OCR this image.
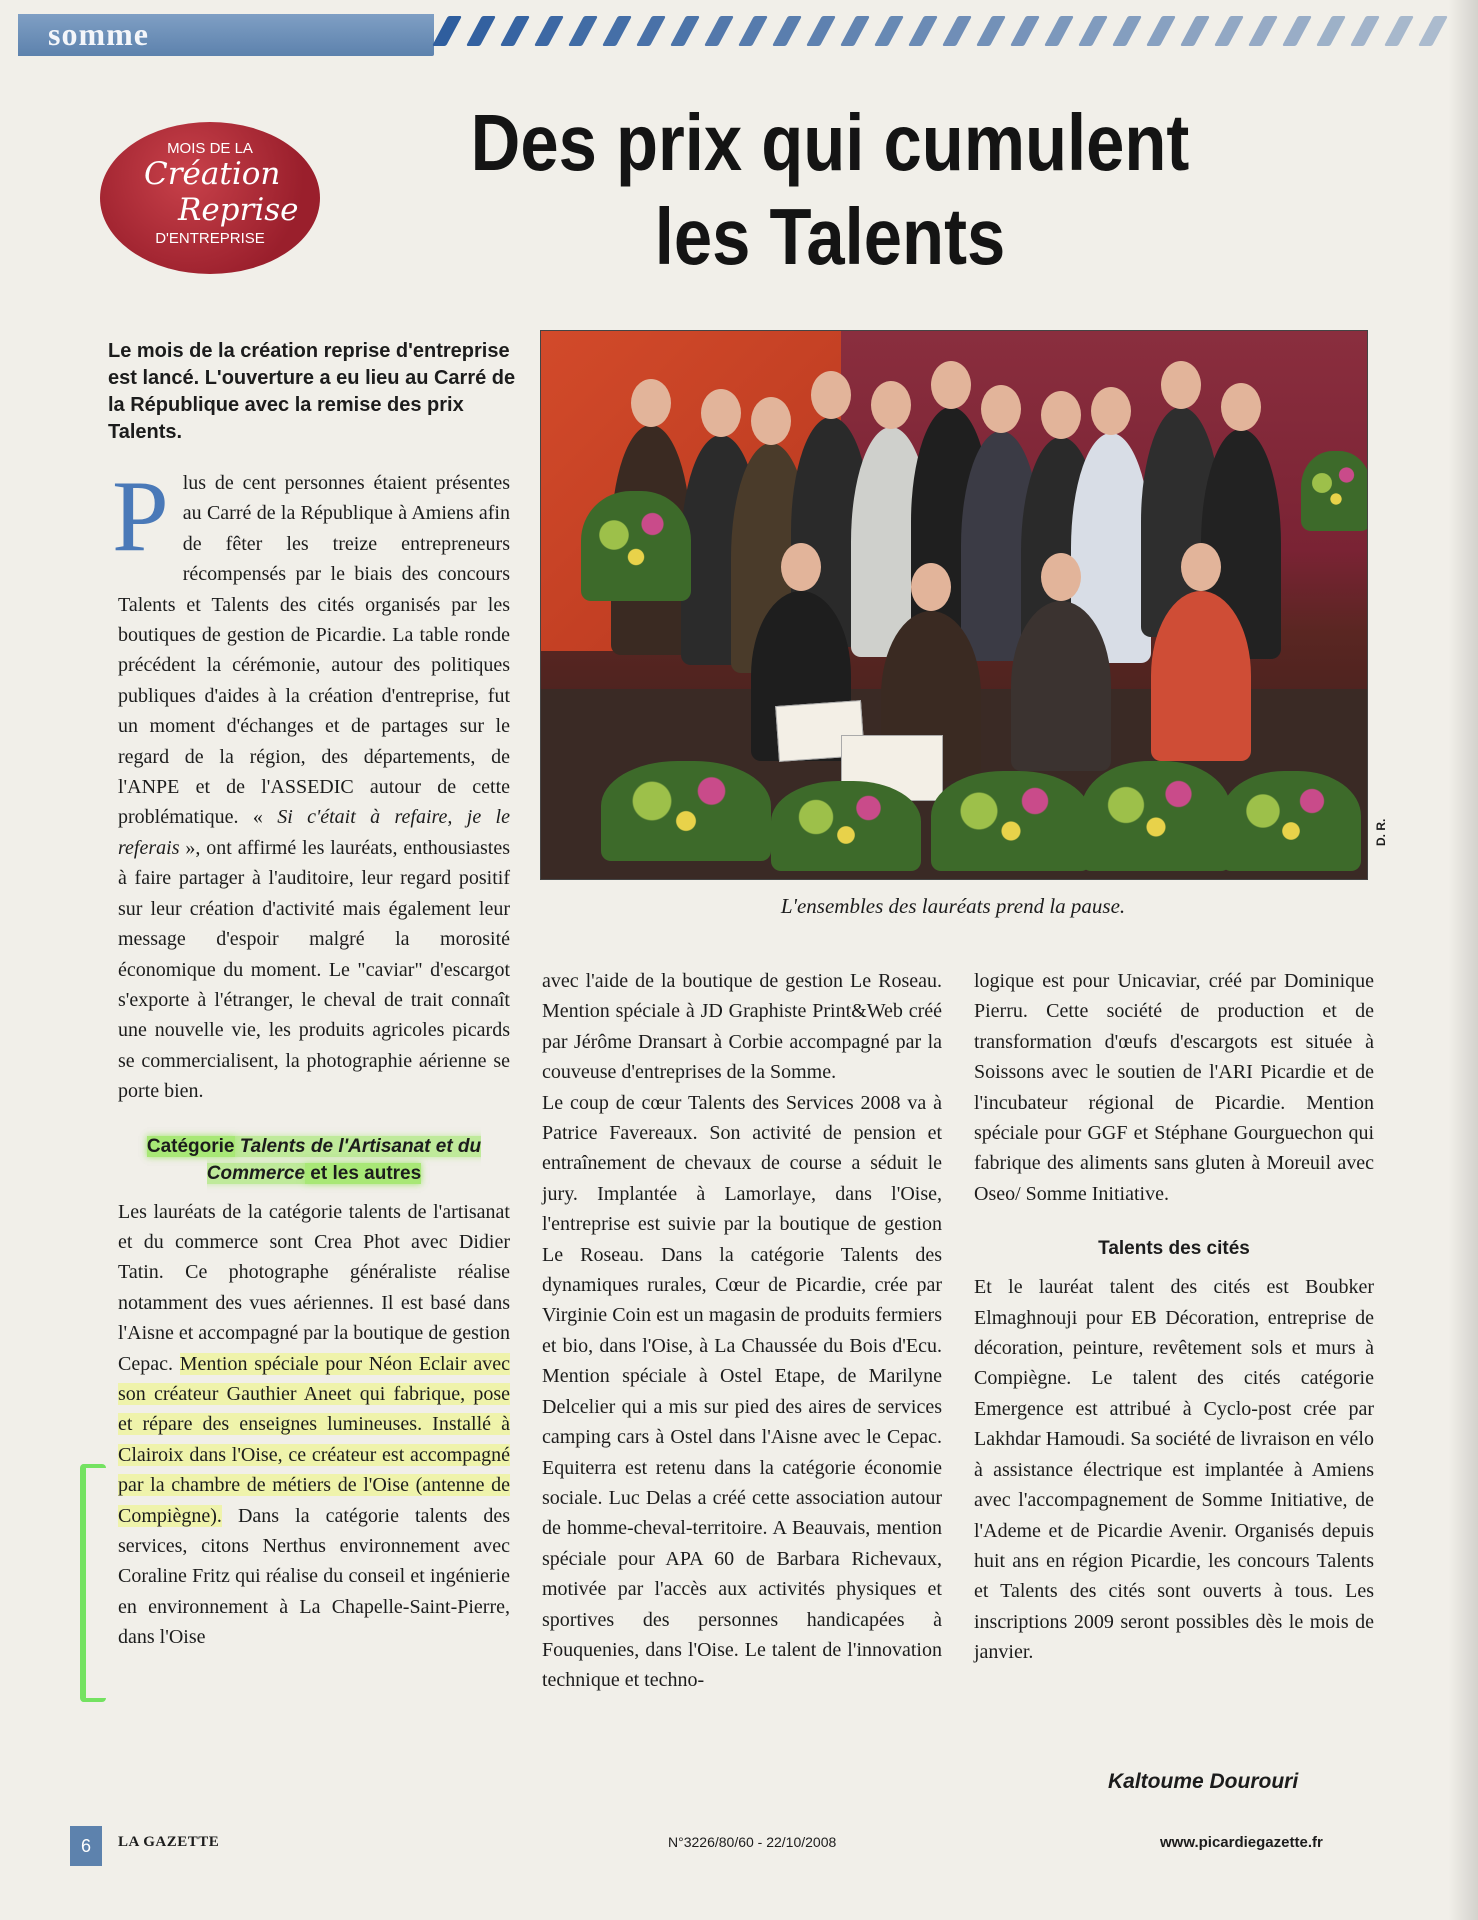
somme
MOIS DE LA
Création
Reprise
D'ENTREPRISE
Des prix qui cumulent
les Talents
Le mois de la création reprise d'entreprise est lancé. L'ouverture a eu lieu au Carré de la République avec la remise des prix Talents.

Plus de cent personnes étaient présentes au Carré de la République à Amiens afin de fêter les treize entrepreneurs récompensés par le biais des concours Talents et Talents des cités organisés par les boutiques de gestion de Picardie. La table ronde précédent la cérémonie, autour des politiques publiques d'aides à la création d'entreprise, fut un moment d'échanges et de partages sur le regard de la région, des départements, de l'ANPE et de l'ASSEDIC autour de cette problématique. « Si c'était à refaire, je le referais », ont affirmé les lauréats, enthousiastes à faire partager à l'auditoire, leur regard positif sur leur création d'activité mais également leur message d'espoir malgré la morosité économique du moment. Le "caviar" d'escargot s'exporte à l'étranger, le cheval de trait connaît une nouvelle vie, les produits agricoles picards se commercialisent, la photographie aérienne se porte bien.

Catégorie Talents de l'Artisanat et du Commerce et les autres

Les lauréats de la catégorie talents de l'artisanat et du commerce sont Crea Phot avec Didier Tatin. Ce photographe généraliste réalise notamment des vues aériennes. Il est basé dans l'Aisne et accompagné par la boutique de gestion Cepac. Mention spéciale pour Néon Eclair avec son créateur Gauthier Aneet qui fabrique, pose et répare des enseignes lumineuses. Installé à Clairoix dans l'Oise, ce créateur est accompagné par la chambre de métiers de l'Oise (antenne de Compiègne). Dans la catégorie talents des services, citons Nerthus environnement avec Coraline Fritz qui réalise du conseil et ingénierie en environnement à La Chapelle-Saint-Pierre, dans l'Oise

D. R.
L'ensembles des lauréats prend la pause.

avec l'aide de la boutique de gestion Le Roseau. Mention spéciale à JD Graphiste Print&Web créé par Jérôme Dransart à Corbie accompagné par la couveuse d'entreprises de la Somme.

Le coup de cœur Talents des Services 2008 va à Patrice Favereaux. Son activité de pension et entraînement de chevaux de course a séduit le jury. Implantée à Lamorlaye, dans l'Oise, l'entreprise est suivie par la boutique de gestion Le Roseau. Dans la catégorie Talents des dynamiques rurales, Cœur de Picardie, crée par Virginie Coin est un magasin de produits fermiers et bio, dans l'Oise, à La Chaussée du Bois d'Ecu. Mention spéciale à Ostel Etape, de Marilyne Delcelier qui a mis sur pied des aires de services camping cars à Ostel dans l'Aisne avec le Cepac. Equiterra est retenu dans la catégorie économie sociale. Luc Delas a créé cette association autour de homme-cheval-territoire. A Beauvais, mention spéciale pour APA 60 de Barbara Richevaux, motivée par l'accès aux activités physiques et sportives des personnes handicapées à Fouquenies, dans l'Oise. Le talent de l'innovation technique et techno-

logique est pour Unicaviar, créé par Dominique Pierru. Cette société de production et de transformation d'œufs d'escargots est située à Soissons avec le soutien de l'ARI Picardie et de l'incubateur régional de Picardie. Mention spéciale pour GGF et Stéphane Gourguechon qui fabrique des aliments sans gluten à Moreuil avec Oseo/ Somme Initiative.

Talents des cités

Et le lauréat talent des cités est Boubker Elmaghnouji pour EB Décoration, entreprise de décoration, peinture, revêtement sols et murs à Compiègne. Le talent des cités catégorie Emergence est attribué à Cyclo-post crée par Lakhdar Hamoudi. Sa société de livraison en vélo à assistance électrique est implantée à Amiens avec l'accompagnement de Somme Initiative, de l'Ademe et de Picardie Avenir. Organisés depuis huit ans en région Picardie, les concours Talents et Talents des cités sont ouverts à tous. Les inscriptions 2009 seront possibles dès le mois de janvier.

Kaltoume Dourouri
6	LA GAZETTE	N°3226/80/60 - 22/10/2008	www.picardiegazette.fr
